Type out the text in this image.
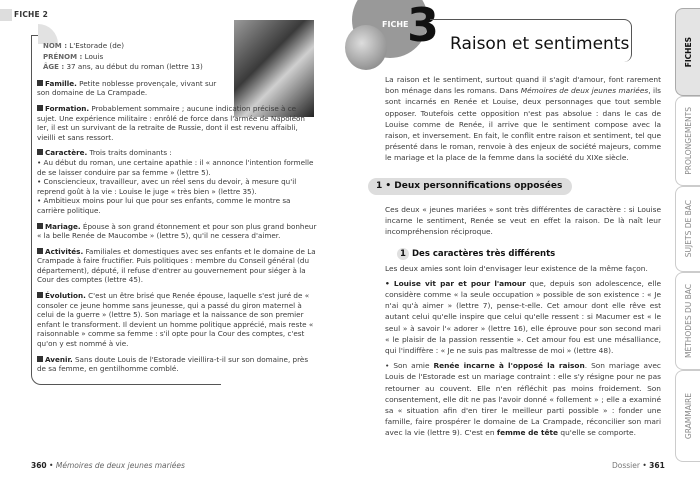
FICHE 2
NOM : L'Estorade (de)
PRÉNOM : Louis
ÂGE : 37 ans, au début du roman (lettre 13)
Famille. Petite noblesse provençale, vivant sur son domaine de La Crampade.
Formation. Probablement sommaire ; aucune indication précise à ce sujet. Une expérience militaire : enrôlé de force dans l'armée de Napoléon Ier, il est un survivant de la retraite de Russie, dont il est revenu affaibli, vieilli et sans ressort.
Caractère. Trois traits dominants :
• Au début du roman, une certaine apathie : il « annonce l'intention formelle de se laisser conduire par sa femme » (lettre 5).
• Consciencieux, travailleur, avec un réel sens du devoir, à mesure qu'il reprend goût à la vie : Louise le juge « très bien » (lettre 35).
• Ambitieux moins pour lui que pour ses enfants, comme le montre sa carrière politique.
Mariage. Épouse à son grand étonnement et pour son plus grand bonheur « la belle Renée de Maucombe » (lettre 5), qu'il ne cessera d'aimer.
Activités. Familiales et domestiques avec ses enfants et le domaine de La Crampade à faire fructifier. Puis politiques : membre du Conseil général (du département), député, il refuse d'entrer au gouvernement pour siéger à la Cour des comptes (lettre 45).
Évolution. C'est un être brisé que Renée épouse, laquelle s'est juré de « consoler ce jeune homme sans jeunesse, qui a passé du giron maternel à celui de la guerre » (lettre 5). Son mariage et la naissance de son premier enfant le transforment. Il devient un homme politique apprécié, mais reste « raisonnable » comme sa femme : s'il opte pour la Cour des comptes, c'est qu'on y est nommé à vie.
Avenir. Sans doute Louis de l'Estorade vieillira-t-il sur son domaine, près de sa femme, en gentilhomme comblé.
360 • Mémoires de deux jeunes mariées
FICHE
3 Raison et sentiments
La raison et le sentiment, surtout quand il s'agit d'amour, font rarement bon ménage dans les romans. Dans Mémoires de deux jeunes mariées, ils sont incarnés en Renée et Louise, deux personnages que tout semble opposer. Toutefois cette opposition n'est pas absolue : dans le cas de Louise comme de Renée, il arrive que le sentiment compose avec la raison, et inversement. En fait, le conflit entre raison et sentiment, tel que présenté dans le roman, renvoie à des enjeux de société majeurs, comme le mariage et la place de la femme dans la société du XIXe siècle.
1 • Deux personnifications opposées
Ces deux « jeunes mariées » sont très différentes de caractère : si Louise incarne le sentiment, Renée se veut en effet la raison. De là naît leur incompréhension réciproque.
1 Des caractères très différents
Les deux amies sont loin d'envisager leur existence de la même façon.
• Louise vit par et pour l'amour que, depuis son adolescence, elle considère comme « la seule occupation » possible de son existence : « Je n'ai qu'à aimer » (lettre 7), pense-t-elle. Cet amour dont elle rêve est autant celui qu'elle inspire que celui qu'elle ressent : si Macumer est « le seul » à savoir l'« adorer » (lettre 16), elle éprouve pour son second mari « le plaisir de la passion ressentie ». Cet amour fou est une mésalliance, qui l'indiffère : « Je ne suis pas maîtresse de moi » (lettre 48).
• Son amie Renée incarne à l'opposé la raison. Son mariage avec Louis de l'Estorade est un mariage contraint : elle s'y résigne pour ne pas retourner au couvent. Elle n'en réfléchit pas moins froidement. Son consentement, elle dit ne pas l'avoir donné « follement » ; elle a examiné sa « situation afin d'en tirer le meilleur parti possible » : fonder une famille, faire prospérer le domaine de La Crampade, réconcilier son mari avec la vie (lettre 9). C'est en femme de tête qu'elle se comporte.
Dossier • 361
FICHES
PROLONGEMENTS
SUJETS DE BAC
MÉTHODES DU BAC
GRAMMAIRE
